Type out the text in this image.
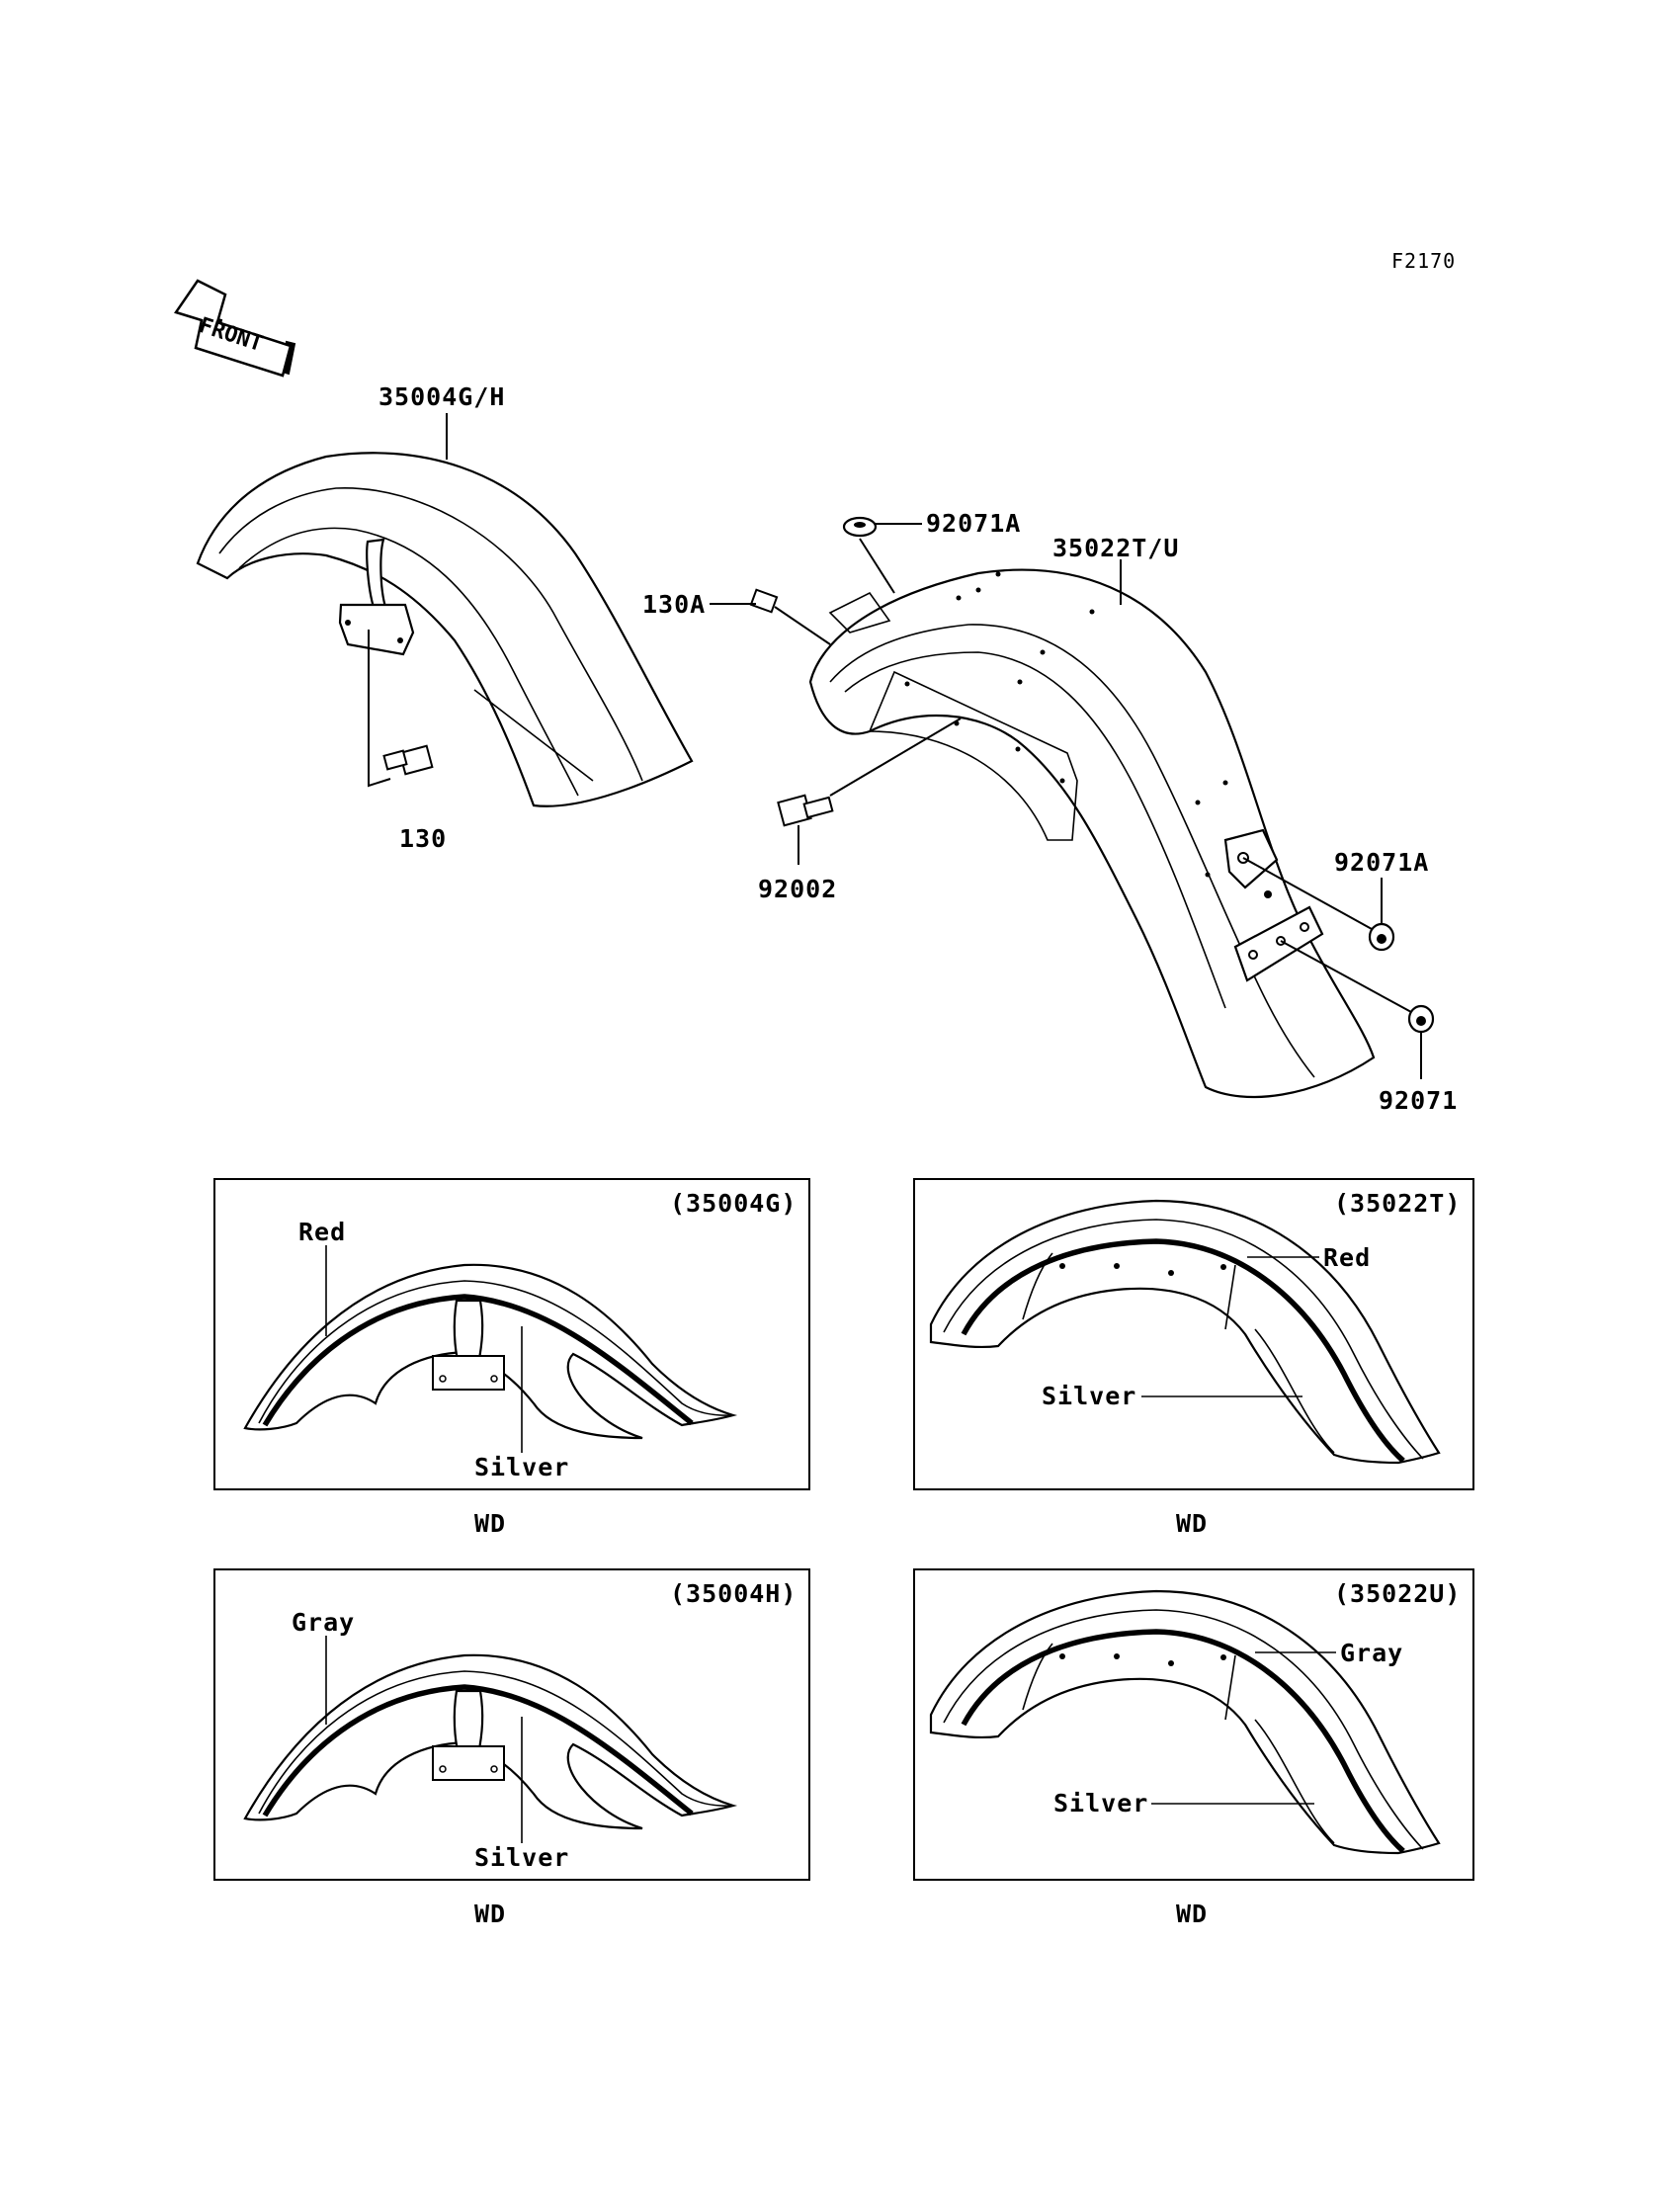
F2170
FRONT
130
35004G/H
92071A
130A
35022T/U
92002
92071A
92071
(35004G)
Red
Silver
WD
(35022T)
Red
Silver
WD
(35004H)
Gray
Silver
WD
(35022U)
Gray
Silver
WD
